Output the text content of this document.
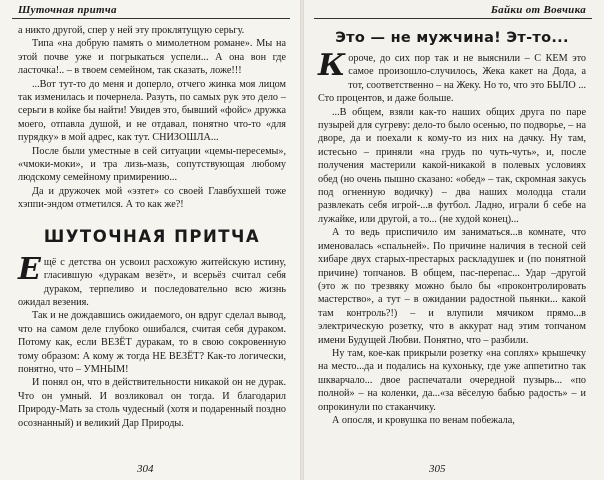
Шуточная притча

а никто другой, спер у ней эту проклятущую серьгу.

Типа «на добрую память о мимолетном романе». Мы на этой почве уже и погрыкаться успели... А она вон где ласточка!.. – в твоем семейном, так сказать, ложе!!!

...Вот тут-то до меня и доперло, отчего жинка моя лицом так изменилась и почернела. Разуть, по самых рук это дело – серьги в койке бы найти! Увидев это, бывший «фойс» дружка моего, отпавла душой, и не отдавал, понятно что-то «для пурядку» в мой адрес, как тут. СНИЗОШЛА...

После были уместные в сей ситуации «цемы-пересемы», «чмоки-моки», и тра лизь-мазь, сопутствующая любому людскому семейному примирению...

Да и дружочек мой «эзтет» со своей Главбухшей тоже хэппи-эндом отметился. А то как же?!

ШУТОЧНАЯ ПРИТЧА

Ещё с детства он усвоил расхожую житейскую истину, гласившую «дуракам везёт», и всерьёз считал себя дураком, терпеливо и последовательно всю жизнь ожидал везения.

Так и не дождавшись ожидаемого, он вдруг сделал вывод, что на самом деле глубоко ошибался, считая себя дураком. Потому как, если ВЕЗЁТ дуракам, то в свою сокровенную тому образом: А кому ж тогда НЕ ВЕЗЁТ? Как-то логически, понятно, что – УМНЫМ!

И понял он, что в действительности никакой он не дурак. Что он умный. И возликовал он тогда. И благодарил Природу-Мать за столь чудесный (хотя и подаренный поздно осознанный) и великий Дар Природы.

304
Байки от Вовчика
Это — не мужчина! Эт-то...

Короче, до сих пор так и не выяснили – С КЕМ это самое произошло-случилось, Жека какет на Дода, а тот, соответственно – на Жеку. Но то, что это БЫЛО ... Сто процентов, и даже больше.

...В общем, взяли как-то наших общих друга по паре пузырей для сугреву: дело-то было осенью, по подворье, – на дворе, да и поехали к кому-то из них на дачку. Ну там, истесьно – приняли «на грудь по чуть-чуть», и, после получения мастерили какой-никакой в полевых условиях обед (но очень пышно сказано: «обед» – так, скромная закусь под огненную водичку) – два наших молодца стали развлекать себя игрой-...в футбол. Ладно, играли б себе на лужайке, или другой, а то... (не худой конец)...

А то ведь приспичило им заниматься...в комнате, что именовалась «спальней». По причине наличия в тесной сей хибаре двух старых-престарых раскладушек и (по понятной причине) топчанов. В общем, пас-перепас... Удар –другой (это ж по трезвяку можно было бы «проконтролировать мастерство», а тут – в ожидании радостной пьянки... какой там контроль?!) – и влупили мячиком прямо...в электрическую розетку, что в аккурат над этим топчаном имени Будущей Любви. Понятно, что – разбили.

Ну там, кое-как прикрыли розетку «на соплях» крышечку на место...да и подались на кухоньку, где уже аппетитно так шкварчало... двое распечатали очередной пузырь... «по полной» – на коленки, да...«за вёселую бабью радость» – и опрокинули по стаканчику.

А опосля, и кровушка по венам побежала,

305
